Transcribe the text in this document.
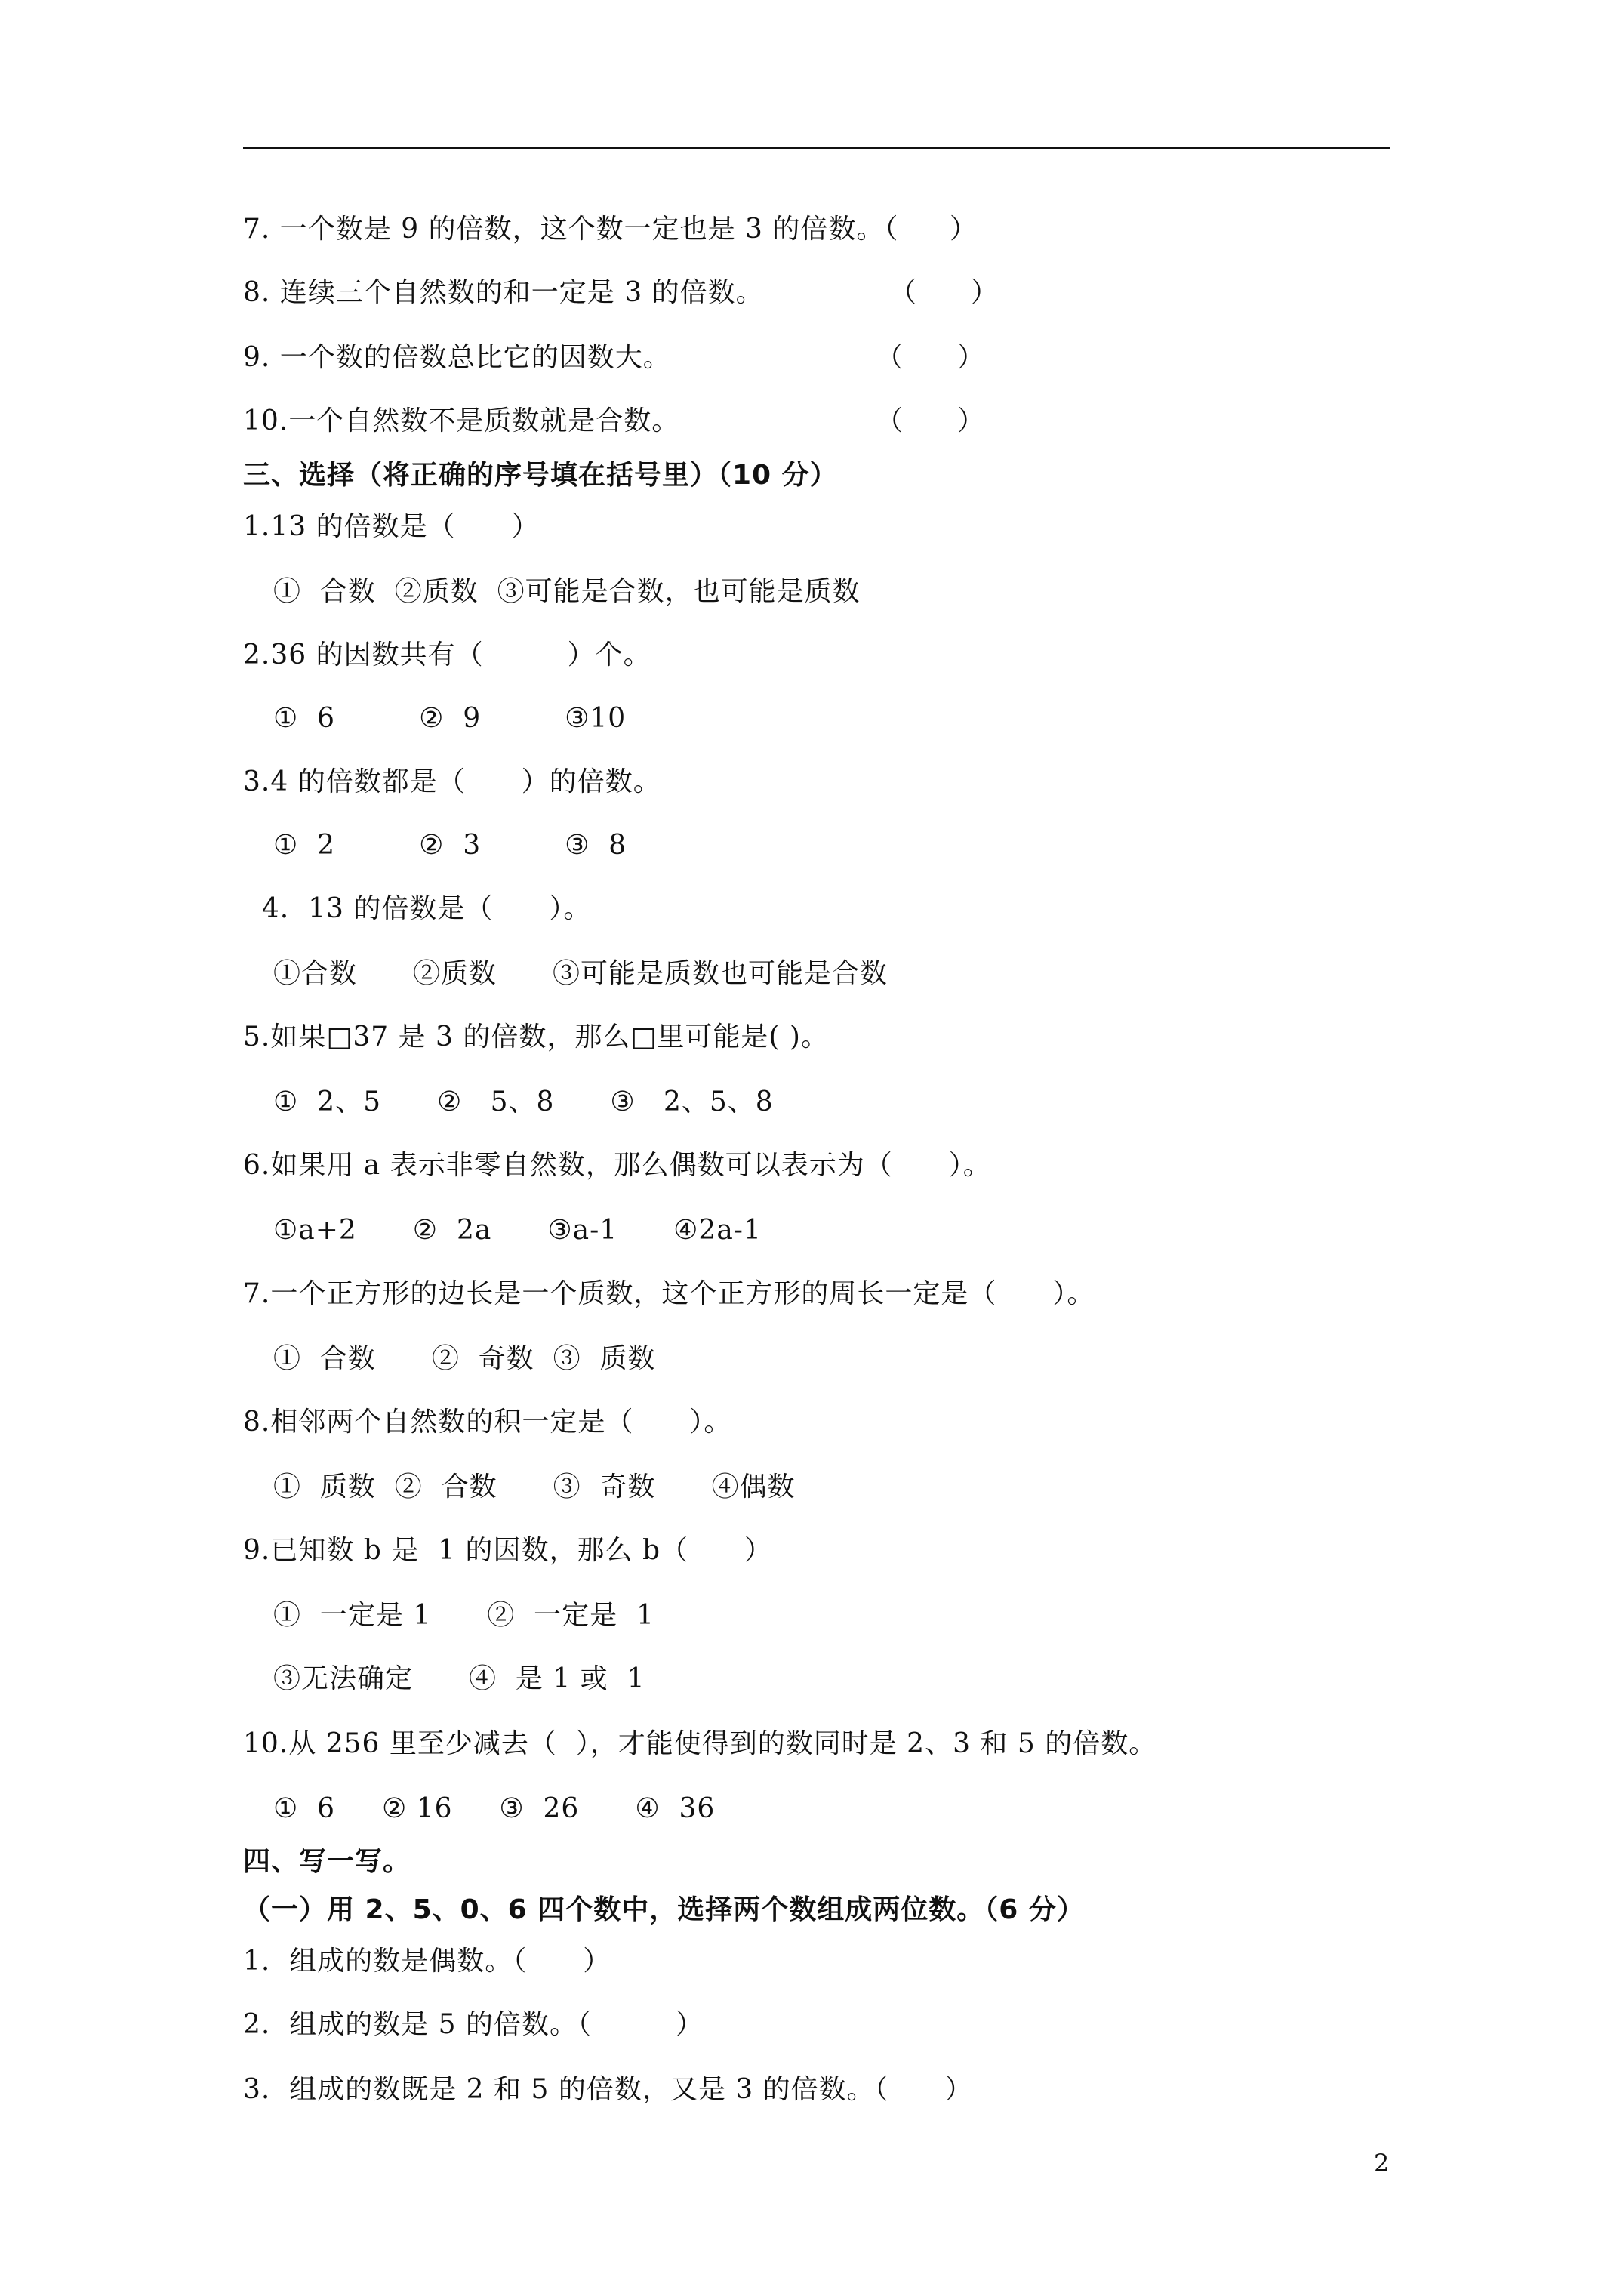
7. 一个数是 9 的倍数，这个数一定也是 3 的倍数。（ ）
8. 连续三个自然数的和一定是 3 的倍数。	（　　）
9. 一个数的倍数总比它的因数大。	（　　）
10.一个自然数不是质数就是合数。	（　　）
三、选择（将正确的序号填在括号里）（10 分）
1.13 的倍数是（　　）
①  合数  ②质数  ③可能是合数，也可能是质数
2.36 的因数共有（　　　）个。
①  6　　　②  9　　　③10
3.4 的倍数都是（　　）的倍数。
①  2　　　②  3　　　③  8
4.  13 的倍数是（　　）。
①合数　　②质数　　③可能是质数也可能是合数
5.如果□37 是 3 的倍数，那么□里可能是( )。
①  2、5　　②   5、8　　③   2、5、8
6.如果用 a 表示非零自然数，那么偶数可以表示为（　　）。
①a+2　　②  2a　　③a-1　　④2a-1
7.一个正方形的边长是一个质数，这个正方形的周长一定是（　　）。
①  合数　　②  奇数  ③  质数
8.相邻两个自然数的积一定是（　　）。
①  质数  ②  合数　　③  奇数　　④偶数
9.已知数 b 是  1 的因数，那么 b（　　）
①  一定是 1　　②  一定是  1
③无法确定　　④  是 1 或  1
10.从 256 里至少减去（  ），才能使得到的数同时是 2、3 和 5 的倍数。
①  6　  ② 16　  ③  26　　④  36
四、写一写。
（一）用 2、5、0、6 四个数中，选择两个数组成两位数。（6 分）
1.  组成的数是偶数。（　　）
2.  组成的数是 5 的倍数。（　　　）
3.  组成的数既是 2 和 5 的倍数，又是 3 的倍数。（　　）
2
